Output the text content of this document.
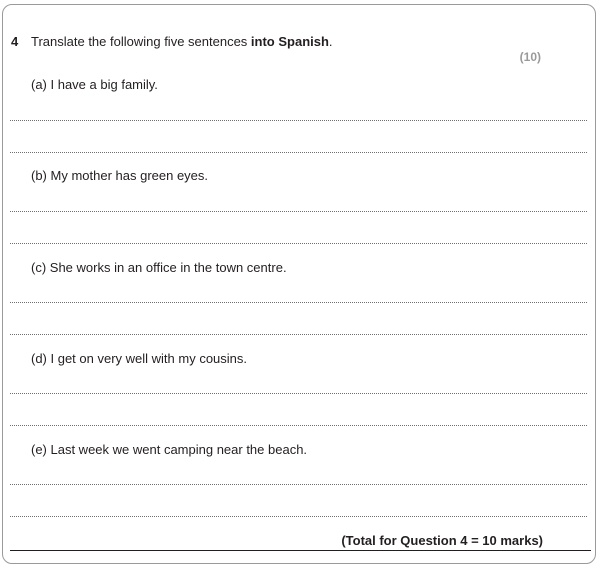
4 Translate the following five sentences into Spanish.
(10)
(a) I have a big family.
(b) My mother has green eyes.
(c) She works in an office in the town centre.
(d) I get on very well with my cousins.
(e) Last week we went camping near the beach.
(Total for Question 4 = 10 marks)
